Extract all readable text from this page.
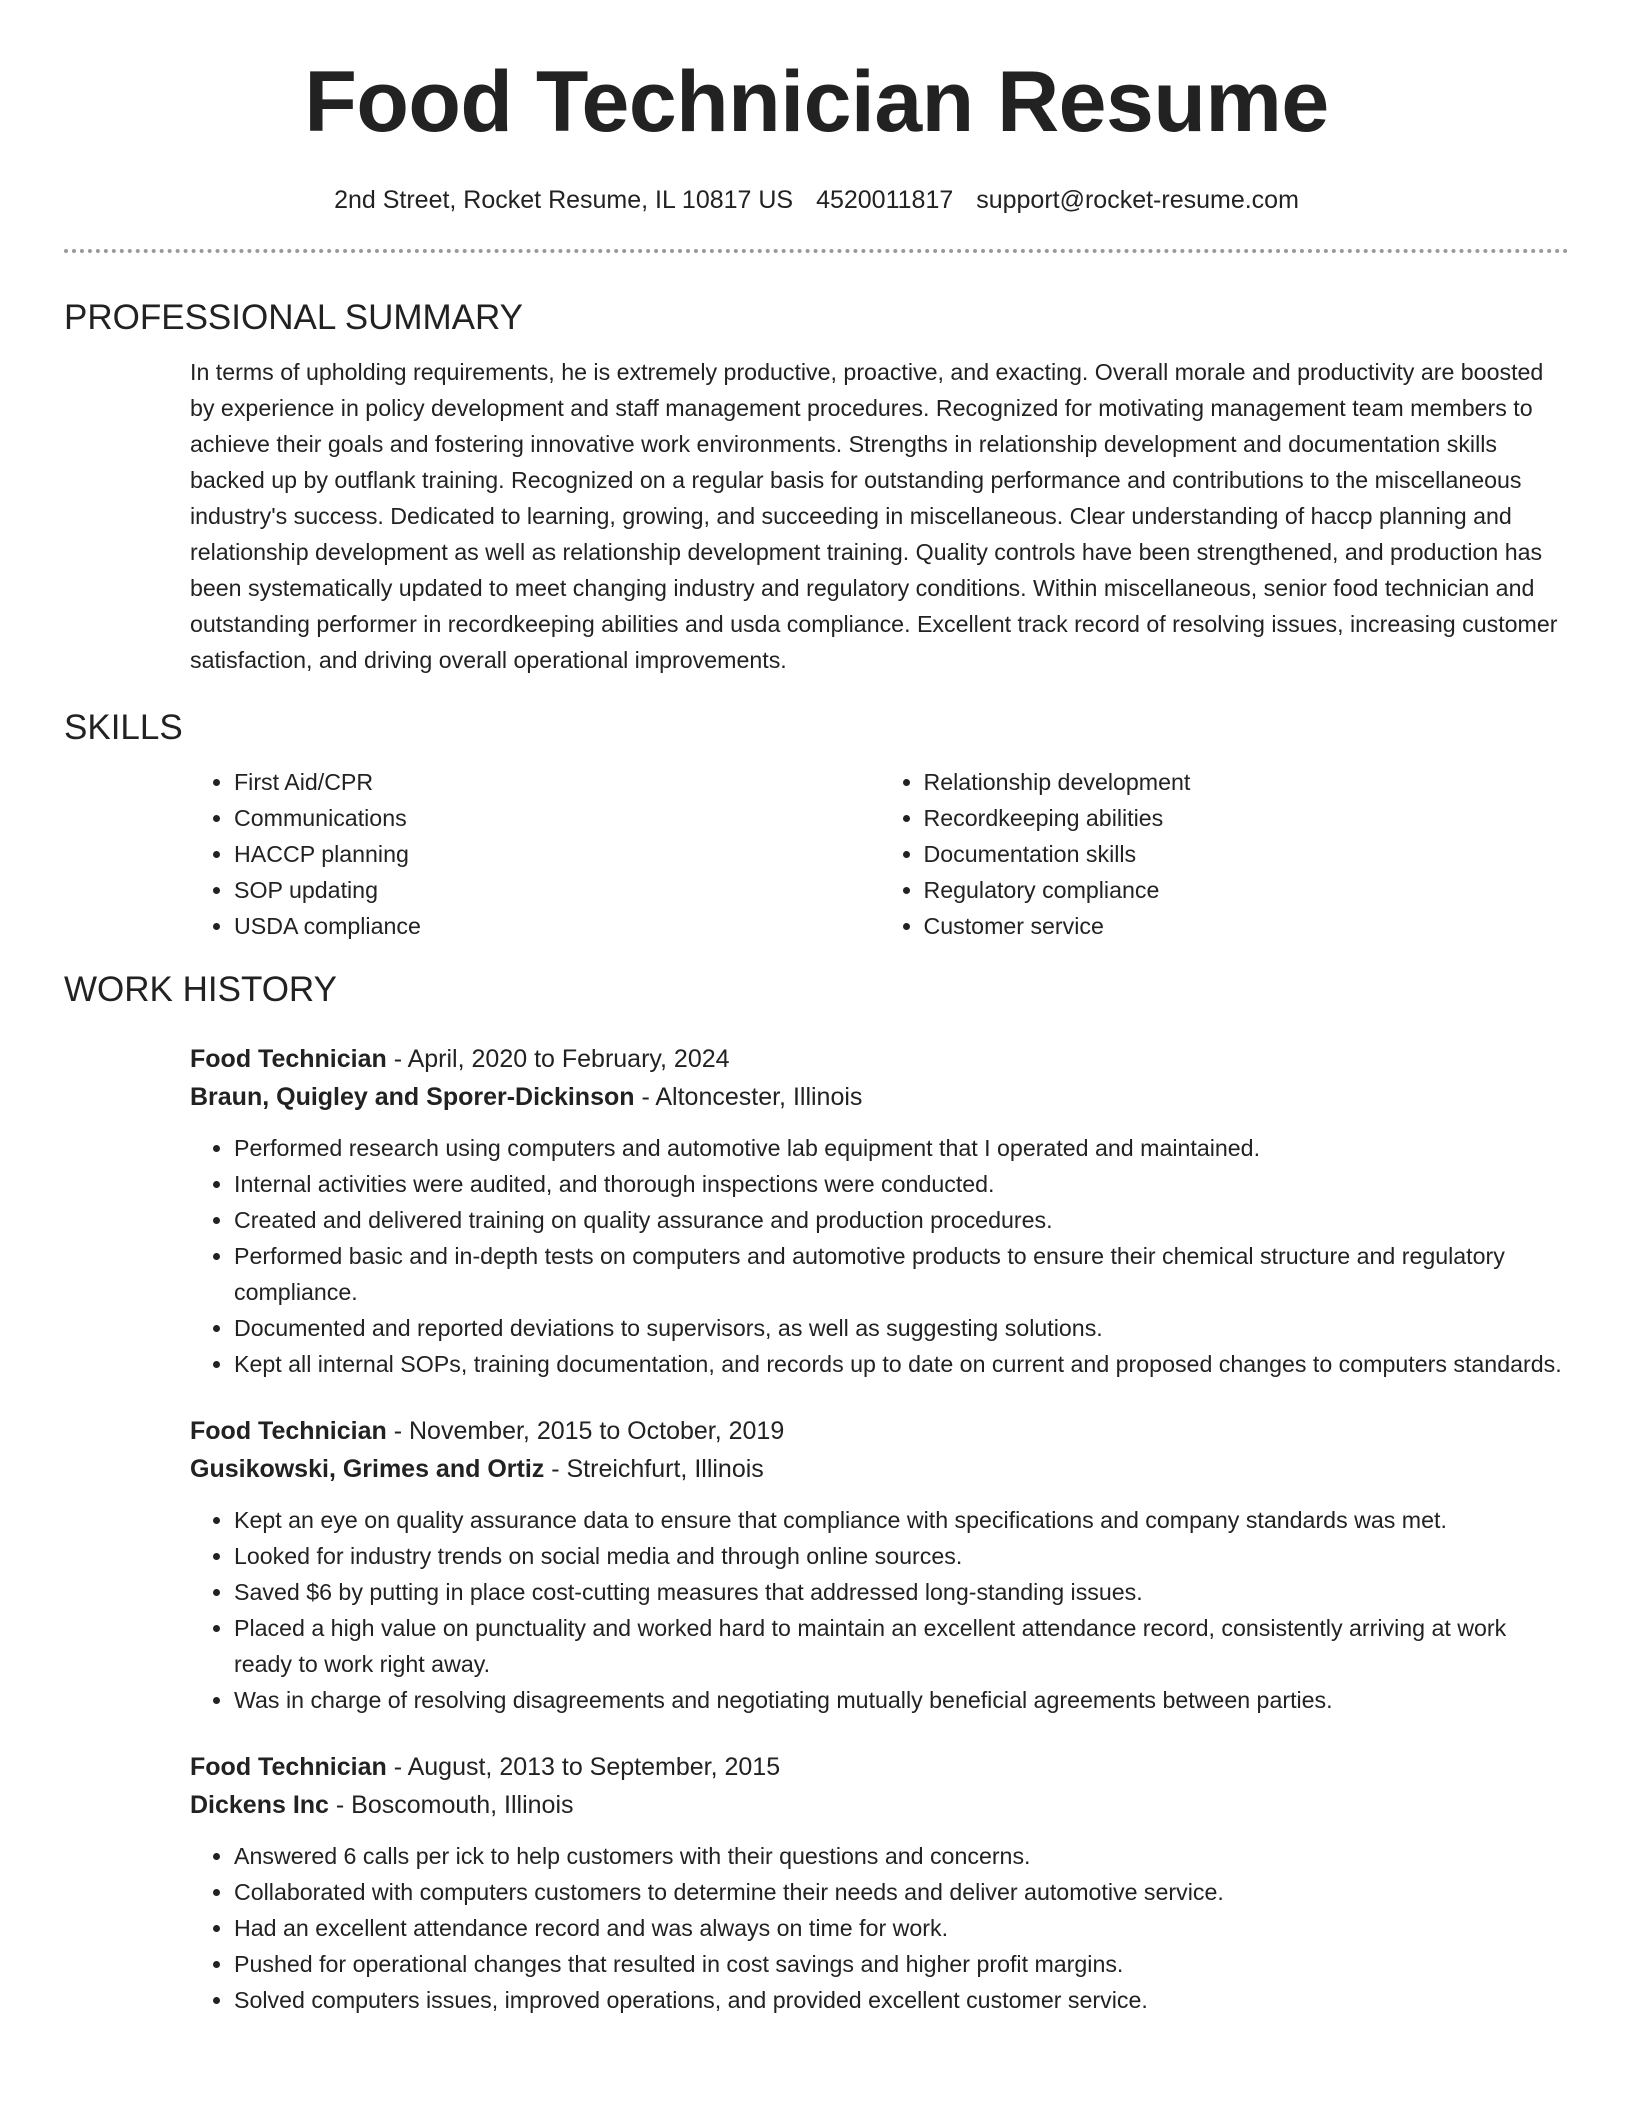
Food Technician Resume
2nd Street, Rocket Resume, IL 10817 US 4520011817 support@rocket-resume.com
PROFESSIONAL SUMMARY

In terms of upholding requirements, he is extremely productive, proactive, and exacting. Overall morale and productivity are boosted by experience in policy development and staff management procedures. Recognized for motivating management team members to achieve their goals and fostering innovative work environments. Strengths in relationship development and documentation skills backed up by outflank training. Recognized on a regular basis for outstanding performance and contributions to the miscellaneous industry's success. Dedicated to learning, growing, and succeeding in miscellaneous. Clear understanding of haccp planning and relationship development as well as relationship development training. Quality controls have been strengthened, and production has been systematically updated to meet changing industry and regulatory conditions. Within miscellaneous, senior food technician and outstanding performer in recordkeeping abilities and usda compliance. Excellent track record of resolving issues, increasing customer satisfaction, and driving overall operational improvements.

SKILLS
• First Aid/CPR
• Communications
• HACCP planning
• SOP updating
• USDA compliance
• Relationship development
• Recordkeeping abilities
• Documentation skills
• Regulatory compliance
• Customer service
WORK HISTORY
Food Technician - April, 2020 to February, 2024
Braun, Quigley and Sporer-Dickinson - Altoncester, Illinois
• Performed research using computers and automotive lab equipment that I operated and maintained.
• Internal activities were audited, and thorough inspections were conducted.
• Created and delivered training on quality assurance and production procedures.
• Performed basic and in-depth tests on computers and automotive products to ensure their chemical structure and regulatory compliance.
• Documented and reported deviations to supervisors, as well as suggesting solutions.
• Kept all internal SOPs, training documentation, and records up to date on current and proposed changes to computers standards.
Food Technician - November, 2015 to October, 2019
Gusikowski, Grimes and Ortiz - Streichfurt, Illinois
• Kept an eye on quality assurance data to ensure that compliance with specifications and company standards was met.
• Looked for industry trends on social media and through online sources.
• Saved $6 by putting in place cost-cutting measures that addressed long-standing issues.
• Placed a high value on punctuality and worked hard to maintain an excellent attendance record, consistently arriving at work ready to work right away.
• Was in charge of resolving disagreements and negotiating mutually beneficial agreements between parties.
Food Technician - August, 2013 to September, 2015
Dickens Inc - Boscomouth, Illinois
• Answered 6 calls per ick to help customers with their questions and concerns.
• Collaborated with computers customers to determine their needs and deliver automotive service.
• Had an excellent attendance record and was always on time for work.
• Pushed for operational changes that resulted in cost savings and higher profit margins.
• Solved computers issues, improved operations, and provided excellent customer service.
